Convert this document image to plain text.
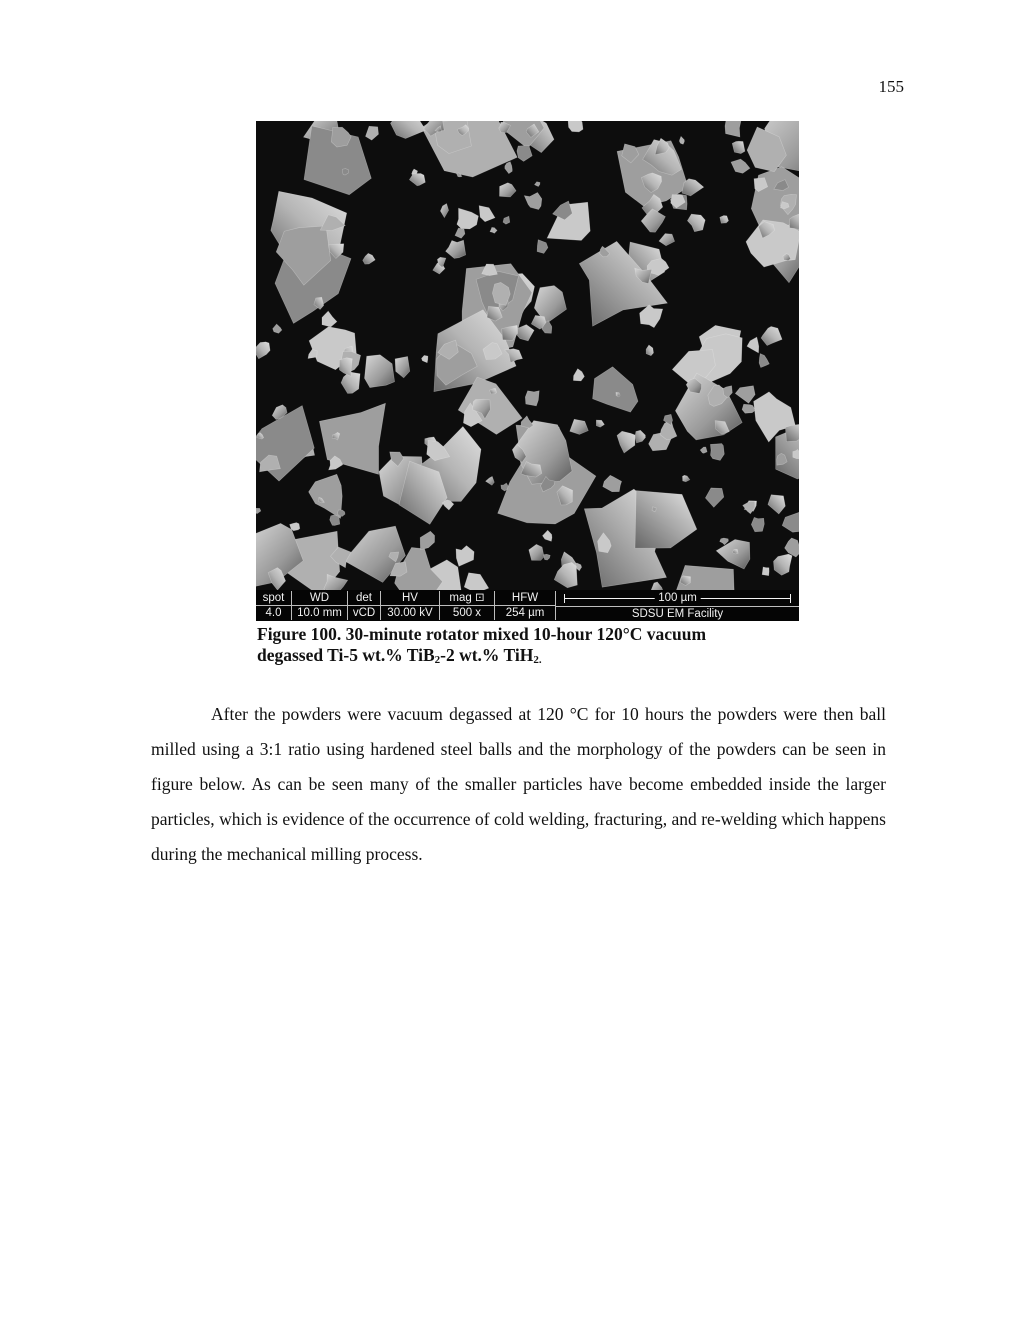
155
spot
4.0
WD
10.0 mm
det
vCD
HV
30.00 kV
mag ⊡
500 x
HFW
254 µm
100 µm
SDSU EM Facility
Figure 100. 30-minute rotator mixed 10-hour 120°C vacuum
degassed Ti-5 wt.% TiB$_2$-2 wt.% TiH$_{2.}$

After the powders were vacuum degassed at 120 °C for 10 hours the powders were then ball milled using a 3:1 ratio using hardened steel balls and the morphology of the powders can be seen in figure below. As can be seen many of the smaller particles have become embedded inside the larger particles, which is evidence of the occurrence of cold welding, fracturing, and re-welding which happens during the mechanical milling process.
